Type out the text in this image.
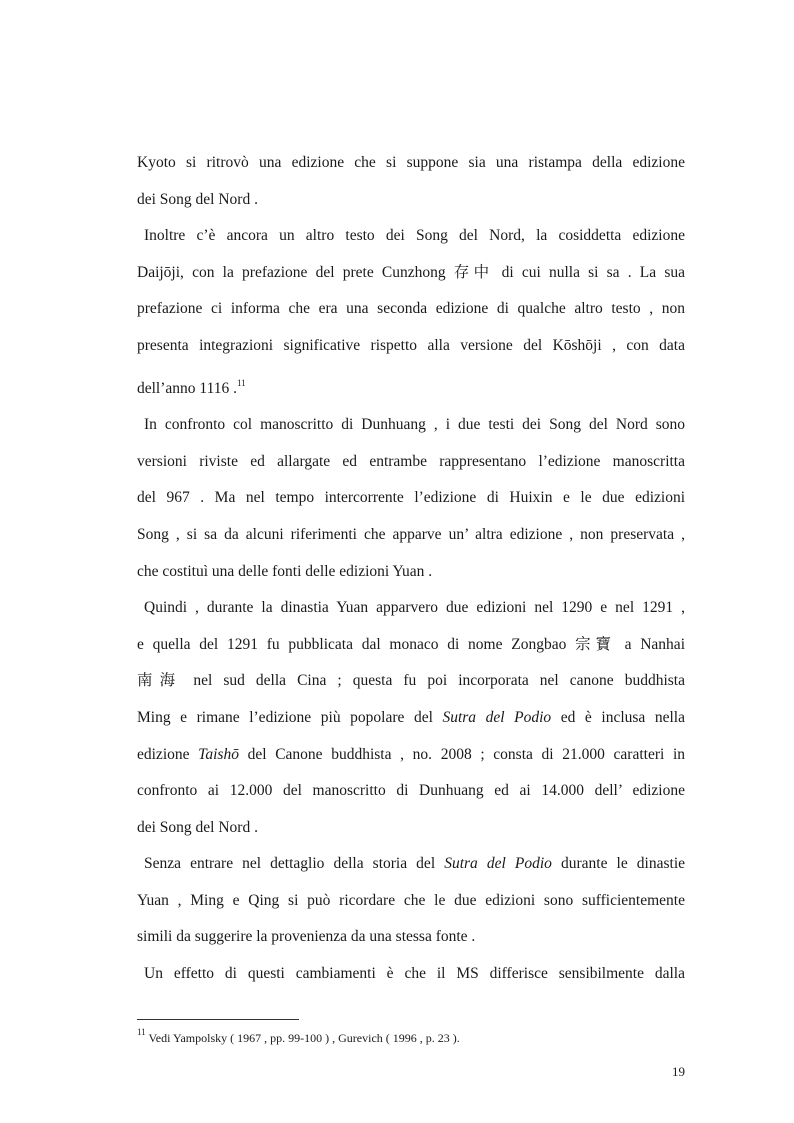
Kyoto si ritrovò una edizione che si suppone sia una ristampa della edizione
dei Song del Nord .
Inoltre c’è ancora un altro testo dei Song del Nord, la cosiddetta edizione
Daijōji, con la prefazione del prete Cunzhong 存中 di cui nulla si sa . La sua
prefazione ci informa che era una seconda edizione di qualche altro testo , non
presenta integrazioni significative rispetto alla versione del Kōshōji , con data
dell’anno 1116 .$^{11}$
In confronto col manoscritto di Dunhuang , i due testi dei Song del Nord sono
versioni riviste ed allargate ed entrambe rappresentano l’edizione manoscritta
del 967 . Ma nel tempo intercorrente l’edizione di Huixin e le due edizioni
Song , si sa da alcuni riferimenti che apparve un’ altra edizione , non preservata ,
che costituì una delle fonti delle edizioni Yuan .
Quindi , durante la dinastia Yuan apparvero due edizioni nel 1290 e nel 1291 ,
e quella del 1291 fu pubblicata dal monaco di nome Zongbao 宗寶 a Nanhai
南海 nel sud della Cina ; questa fu poi incorporata nel canone buddhista
Ming e rimane l’edizione più popolare del Sutra del Podio ed è inclusa nella
edizione Taishō del Canone buddhista , no. 2008 ; consta di 21.000 caratteri in
confronto ai 12.000 del manoscritto di Dunhuang ed ai 14.000 dell’ edizione
dei Song del Nord .
Senza entrare nel dettaglio della storia del Sutra del Podio durante le dinastie
Yuan , Ming e Qing si può ricordare che le due edizioni sono sufficientemente
simili da suggerire la provenienza da una stessa fonte .
Un effetto di questi cambiamenti è che il MS differisce sensibilmente dalla
$^{11}$ Vedi Yampolsky ( 1967 , pp. 99-100 ) , Gurevich ( 1996 , p. 23 ).
19
